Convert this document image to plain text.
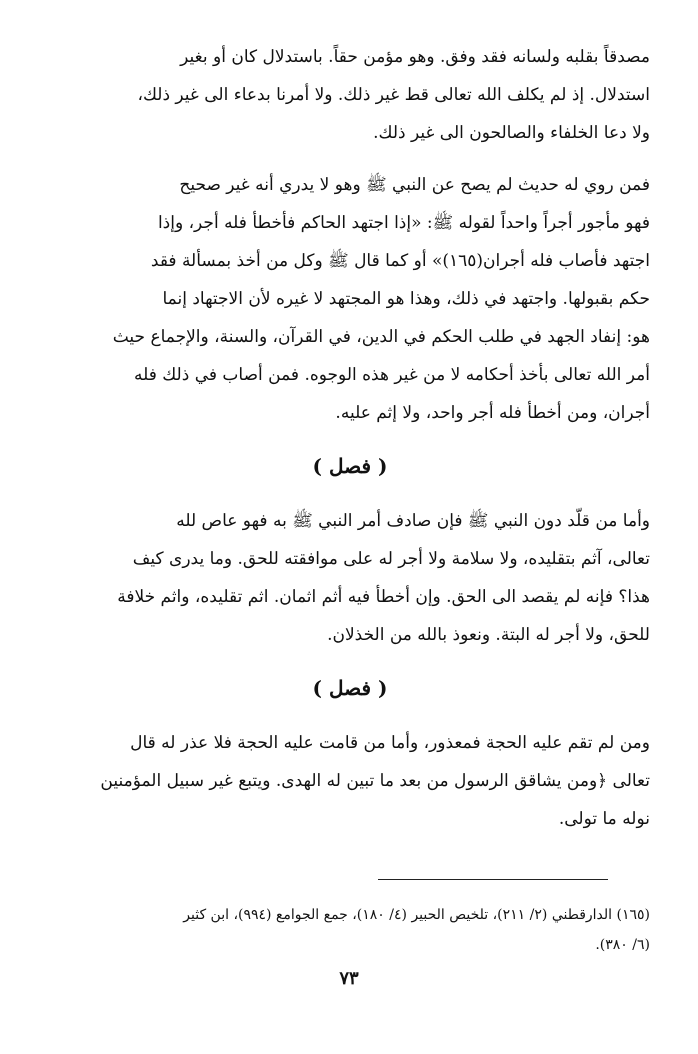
مصدقاً بقلبه ولسانه فقد وفق. وهو مؤمن حقاً. باستدلال كان أو بغير
استدلال. إذ لم يكلف الله تعالى قط غير ذلك. ولا أمرنا بدعاء الى غير ذلك،
ولا دعا الخلفاء والصالحون الى غير ذلك.

فمن روي له حديث لم يصح عن النبي ﷺ وهو لا يدري أنه غير صحيح
فهو مأجور أجراً واحداً لقوله ﷺ: «إذا اجتهد الحاكم فأخطأ فله أجر، وإذا
اجتهد فأصاب فله أجران(١٦٥)» أو كما قال ﷺ وكل من أخذ بمسألة فقد
حكم بقبولها. واجتهد في ذلك، وهذا هو المجتهد لا غيره لأن الاجتهاد إنما
هو: إنفاد الجهد في طلب الحكم في الدين، في القرآن، والسنة، والإجماع حيث
أمر الله تعالى بأخذ أحكامه لا من غير هذه الوجوه. فمن أصاب في ذلك فله
أجران، ومن أخطأ فله أجر واحد، ولا إثم عليه.

( فصل )

وأما من قلّد دون النبي ﷺ فإن صادف أمر النبي ﷺ به فهو عاص لله
تعالى، آثم بتقليده، ولا سلامة ولا أجر له على موافقته للحق. وما يدرى كيف
هذا؟ فإنه لم يقصد الى الحق. وإن أخطأ فيه أثم اثمان. اثم تقليده، واثم خلافة
للحق، ولا أجر له البتة. ونعوذ بالله من الخذلان.

( فصل )

ومن لم تقم عليه الحجة فمعذور، وأما من قامت عليه الحجة فلا عذر له قال
تعالى ﴿ومن يشاقق الرسول من بعد ما تبين له الهدى. ويتبع غير سبيل المؤمنين
نوله ما تولى.

(١٦٥) الدارقطني (٢/ ٢١١)، تلخيص الحبير (٤/ ١٨٠)، جمع الجوامع (٩٩٤)، ابن كثير
(٦/ ٣٨٠).
٧٣
